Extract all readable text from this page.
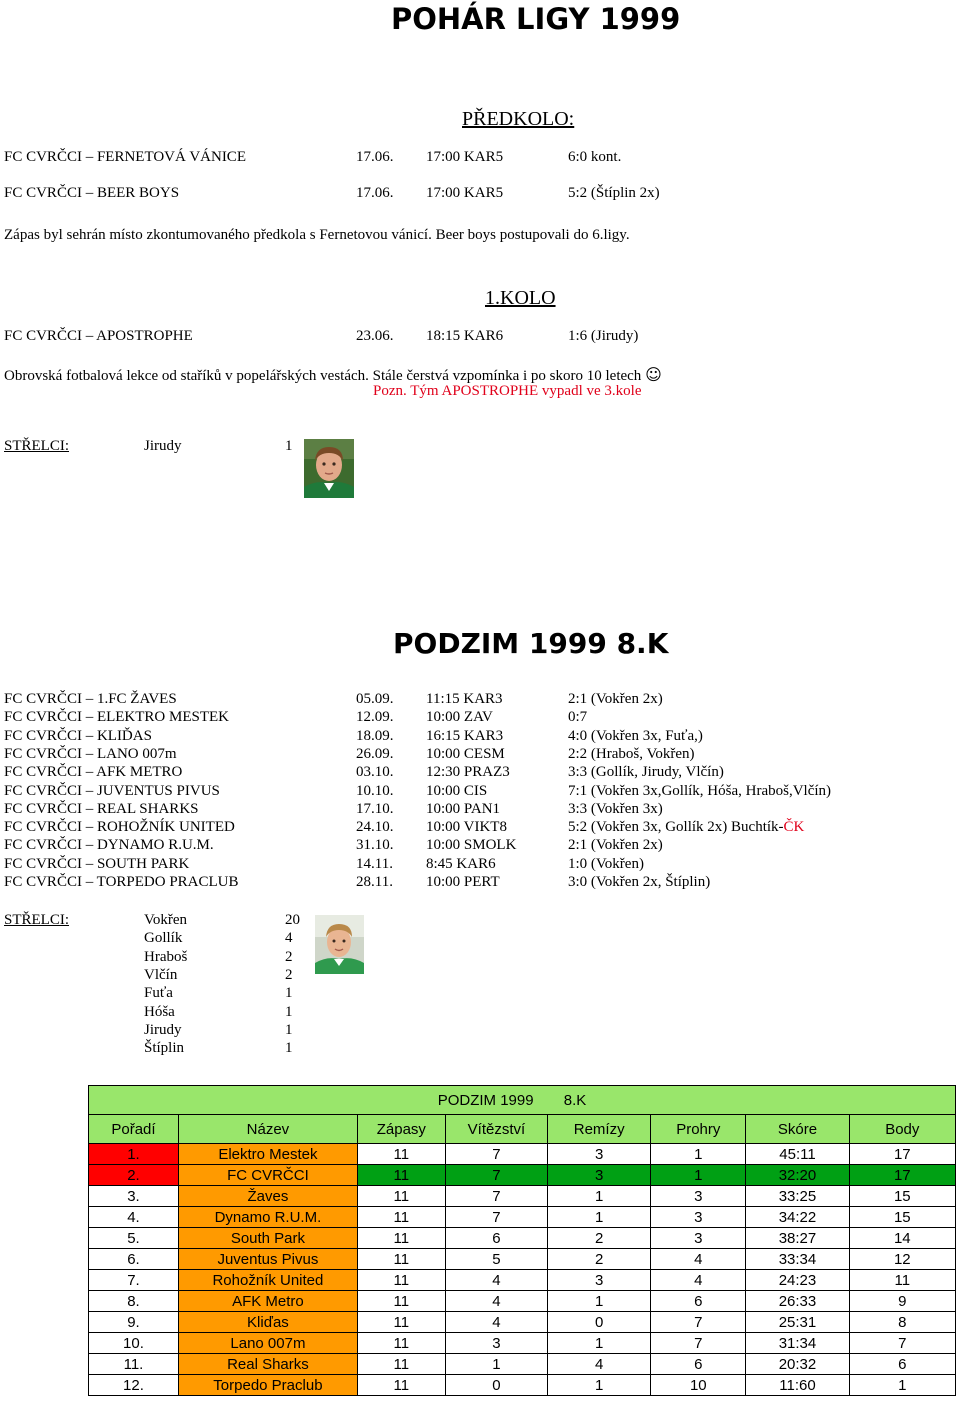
POHÁR LIGY 1999
PŘEDKOLO:
FC CVRČCI – FERNETOVÁ VÁNICE	17.06. 17:00 KAR5	6:0 kont.
FC CVRČCI – BEER BOYS	17.06. 17:00 KAR5	5:2 (Štíplin 2x)
Zápas byl sehrán místo zkontumovaného předkola s Fernetovou vánicí. Beer boys postupovali do 6.ligy.
1.KOLO
FC CVRČCI – APOSTROPHE	23.06. 18:15 KAR6	1:6 (Jirudy)
Obrovská fotbalová lekce od staříků v popelářských vestách. Stále čerstvá vzpomínka i po skoro 10 letech ☺
Pozn. Tým APOSTROPHE vypadl ve 3.kole
STŘELCI:	Jirudy	1
PODZIM 1999 8.K
FC CVRČCI – 1.FC ŽAVES	05.09. 11:15 KAR3	2:1 (Vokřen 2x)
FC CVRČCI – ELEKTRO MESTEK	12.09. 10:00 ZAV	0:7
FC CVRČCI – KLIĎAS	18.09. 16:15 KAR3	4:0 (Vokřen 3x, Fuťa,)
FC CVRČCI – LANO 007m	26.09. 10:00 CESM	2:2 (Hraboš, Vokřen)
FC CVRČCI – AFK METRO	03.10. 12:30 PRAZ3	3:3 (Gollík, Jirudy, Vlčín)
FC CVRČCI – JUVENTUS PIVUS	10.10. 10:00 CIS	7:1 (Vokřen 3x,Gollík, Hóša, Hraboš,Vlčín)
FC CVRČCI – REAL SHARKS	17.10. 10:00 PAN1	3:3 (Vokřen 3x)
FC CVRČCI – ROHOŽNÍK UNITED	24.10. 10:00 VIKT8	5:2 (Vokřen 3x, Gollík 2x) Buchtík-ČK
FC CVRČCI – DYNAMO R.U.M.	31.10. 10:00 SMOLK	2:1 (Vokřen 2x)
FC CVRČCI – SOUTH PARK	14.11. 8:45 KAR6	1:0 (Vokřen)
FC CVRČCI – TORPEDO PRACLUB	28.11. 10:00 PERT	3:0 (Vokřen 2x, Štíplin)
STŘELCI:	Vokřen	20
Gollík	4
Hraboš	2
Vlčín	2
Fuťa	1
Hóša	1
Jirudy	1
Štíplin	1
PODZIM 1999 8.K							
Pořadí	Název	Zápasy	Vítězství	Remízy	Prohry	Skóre	Body
1.	Elektro Mestek	11	7	3	1	45:11	17
2.	FC CVRČCI	11	7	3	1	32:20	17
3.	Žaves	11	7	1	3	33:25	15
4.	Dynamo R.U.M.	11	7	1	3	34:22	15
5.	South Park	11	6	2	3	38:27	14
6.	Juventus Pivus	11	5	2	4	33:34	12
7.	Rohožník United	11	4	3	4	24:23	11
8.	AFK Metro	11	4	1	6	26:33	9
9.	Kliďas	11	4	0	7	25:31	8
10.	Lano 007m	11	3	1	7	31:34	7
11.	Real Sharks	11	1	4	6	20:32	6
12.	Torpedo Praclub	11	0	1	10	11:60	1
